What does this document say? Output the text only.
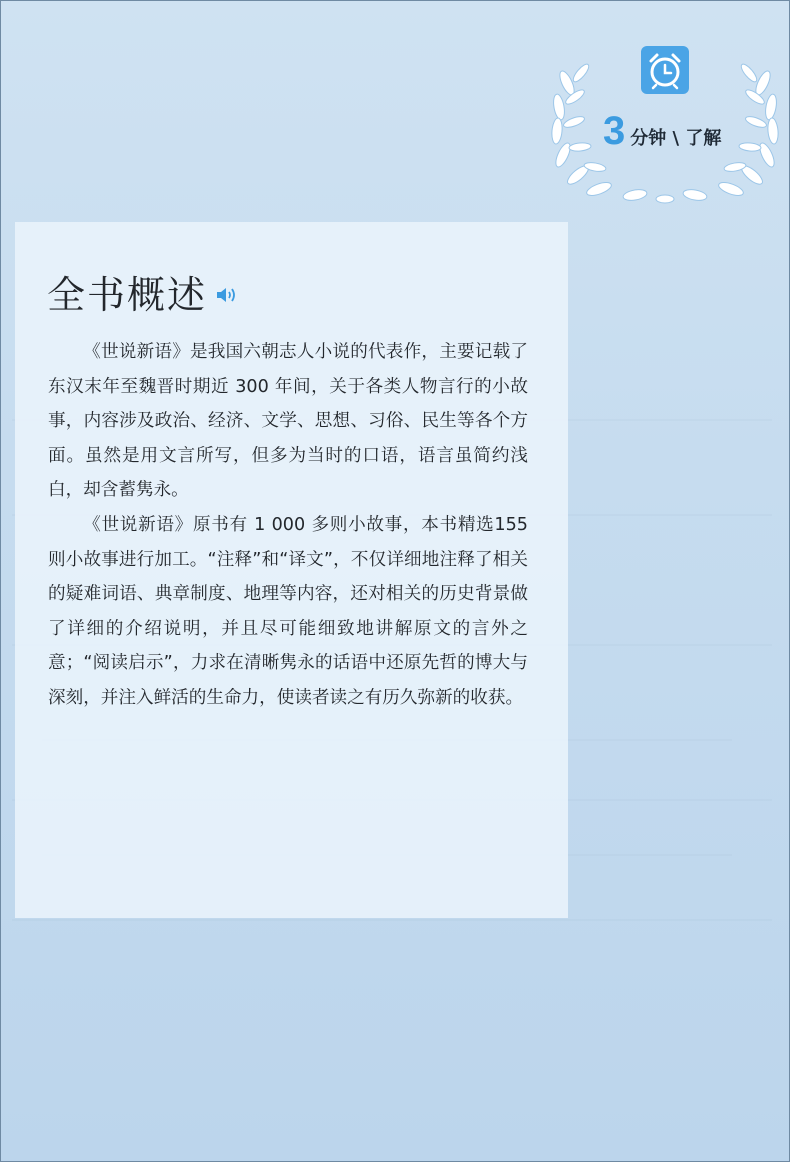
3 分钟 \ 了解
全书概述

《世说新语》是我国六朝志人小说的代表作，主要记载了东汉末年至魏晋时期近 300 年间，关于各类人物言行的小故事，内容涉及政治、经济、文学、思想、习俗、民生等各个方面。虽然是用文言所写，但多为当时的口语，语言虽简约浅白，却含蓄隽永。

《世说新语》原书有 1 000 多则小故事，本书精选155则小故事进行加工。“注释”和“译文”，不仅详细地注释了相关的疑难词语、典章制度、地理等内容，还对相关的历史背景做了详细的介绍说明，并且尽可能细致地讲解原文的言外之意；“阅读启示”，力求在清晰隽永的话语中还原先哲的博大与深刻，并注入鲜活的生命力，使读者读之有历久弥新的收获。
